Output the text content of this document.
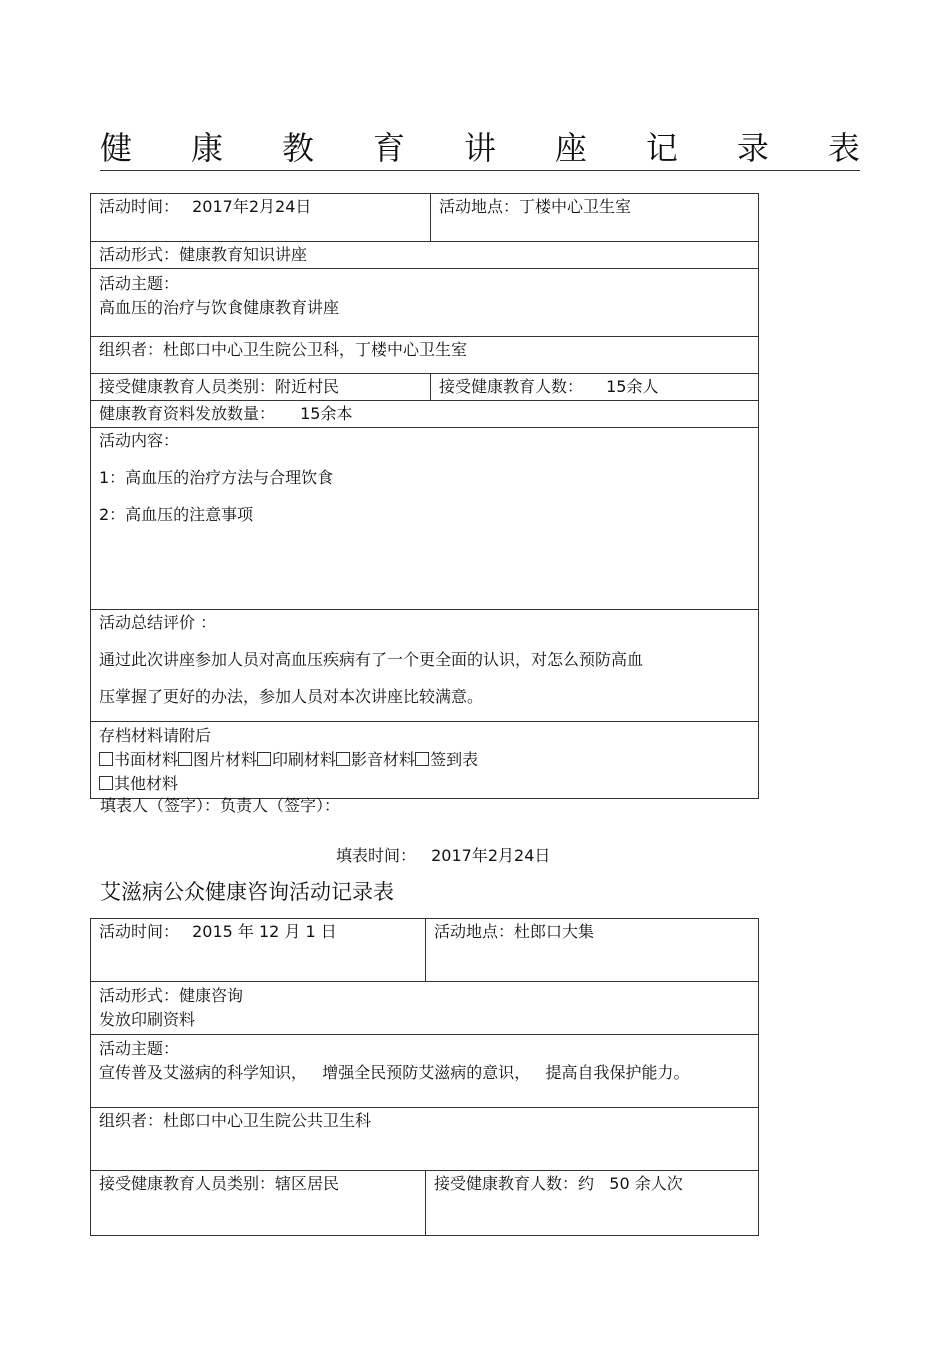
健 康 教 育 讲 座 记 录 表
活动时间： 2017年2月24日	活动地点：丁楼中心卫生室
活动形式：健康教育知识讲座	

活动主题：

高血压的治疗与饮食健康教育讲座	

组织者：杜郎口中心卫生院公卫科，丁楼中心卫生室	
接受健康教育人员类别：附近村民	接受健康教育人数： 15余人
健康教育资料发放数量： 15余本	

活动内容：

1：高血压的治疗方法与合理饮食

2：高血压的注意事项	

活动总结评价 ：

通过此次讲座参加人员对高血压疾病有了一个更全面的认识，对怎么预防高血

压掌握了更好的办法，参加人员对本次讲座比较满意。	

存档材料请附后

书面材料 图片材料 印刷材料 影音材料 签到表

其他材料	

填表人（签字）：负责人（签字）：
填表时间： 2017年2月24日
艾滋病公众健康咨询活动记录表
活动时间： 2015 年 12 月 1 日	活动地点：杜郎口大集

活动形式：健康咨询

发放印刷资料	

活动主题：

宣传普及艾滋病的科学知识，   增强全民预防艾滋病的意识，   提高自我保护能力。	

组织者：杜郎口中心卫生院公共卫生科	
接受健康教育人员类别：辖区居民	接受健康教育人数：约   50 余人次
